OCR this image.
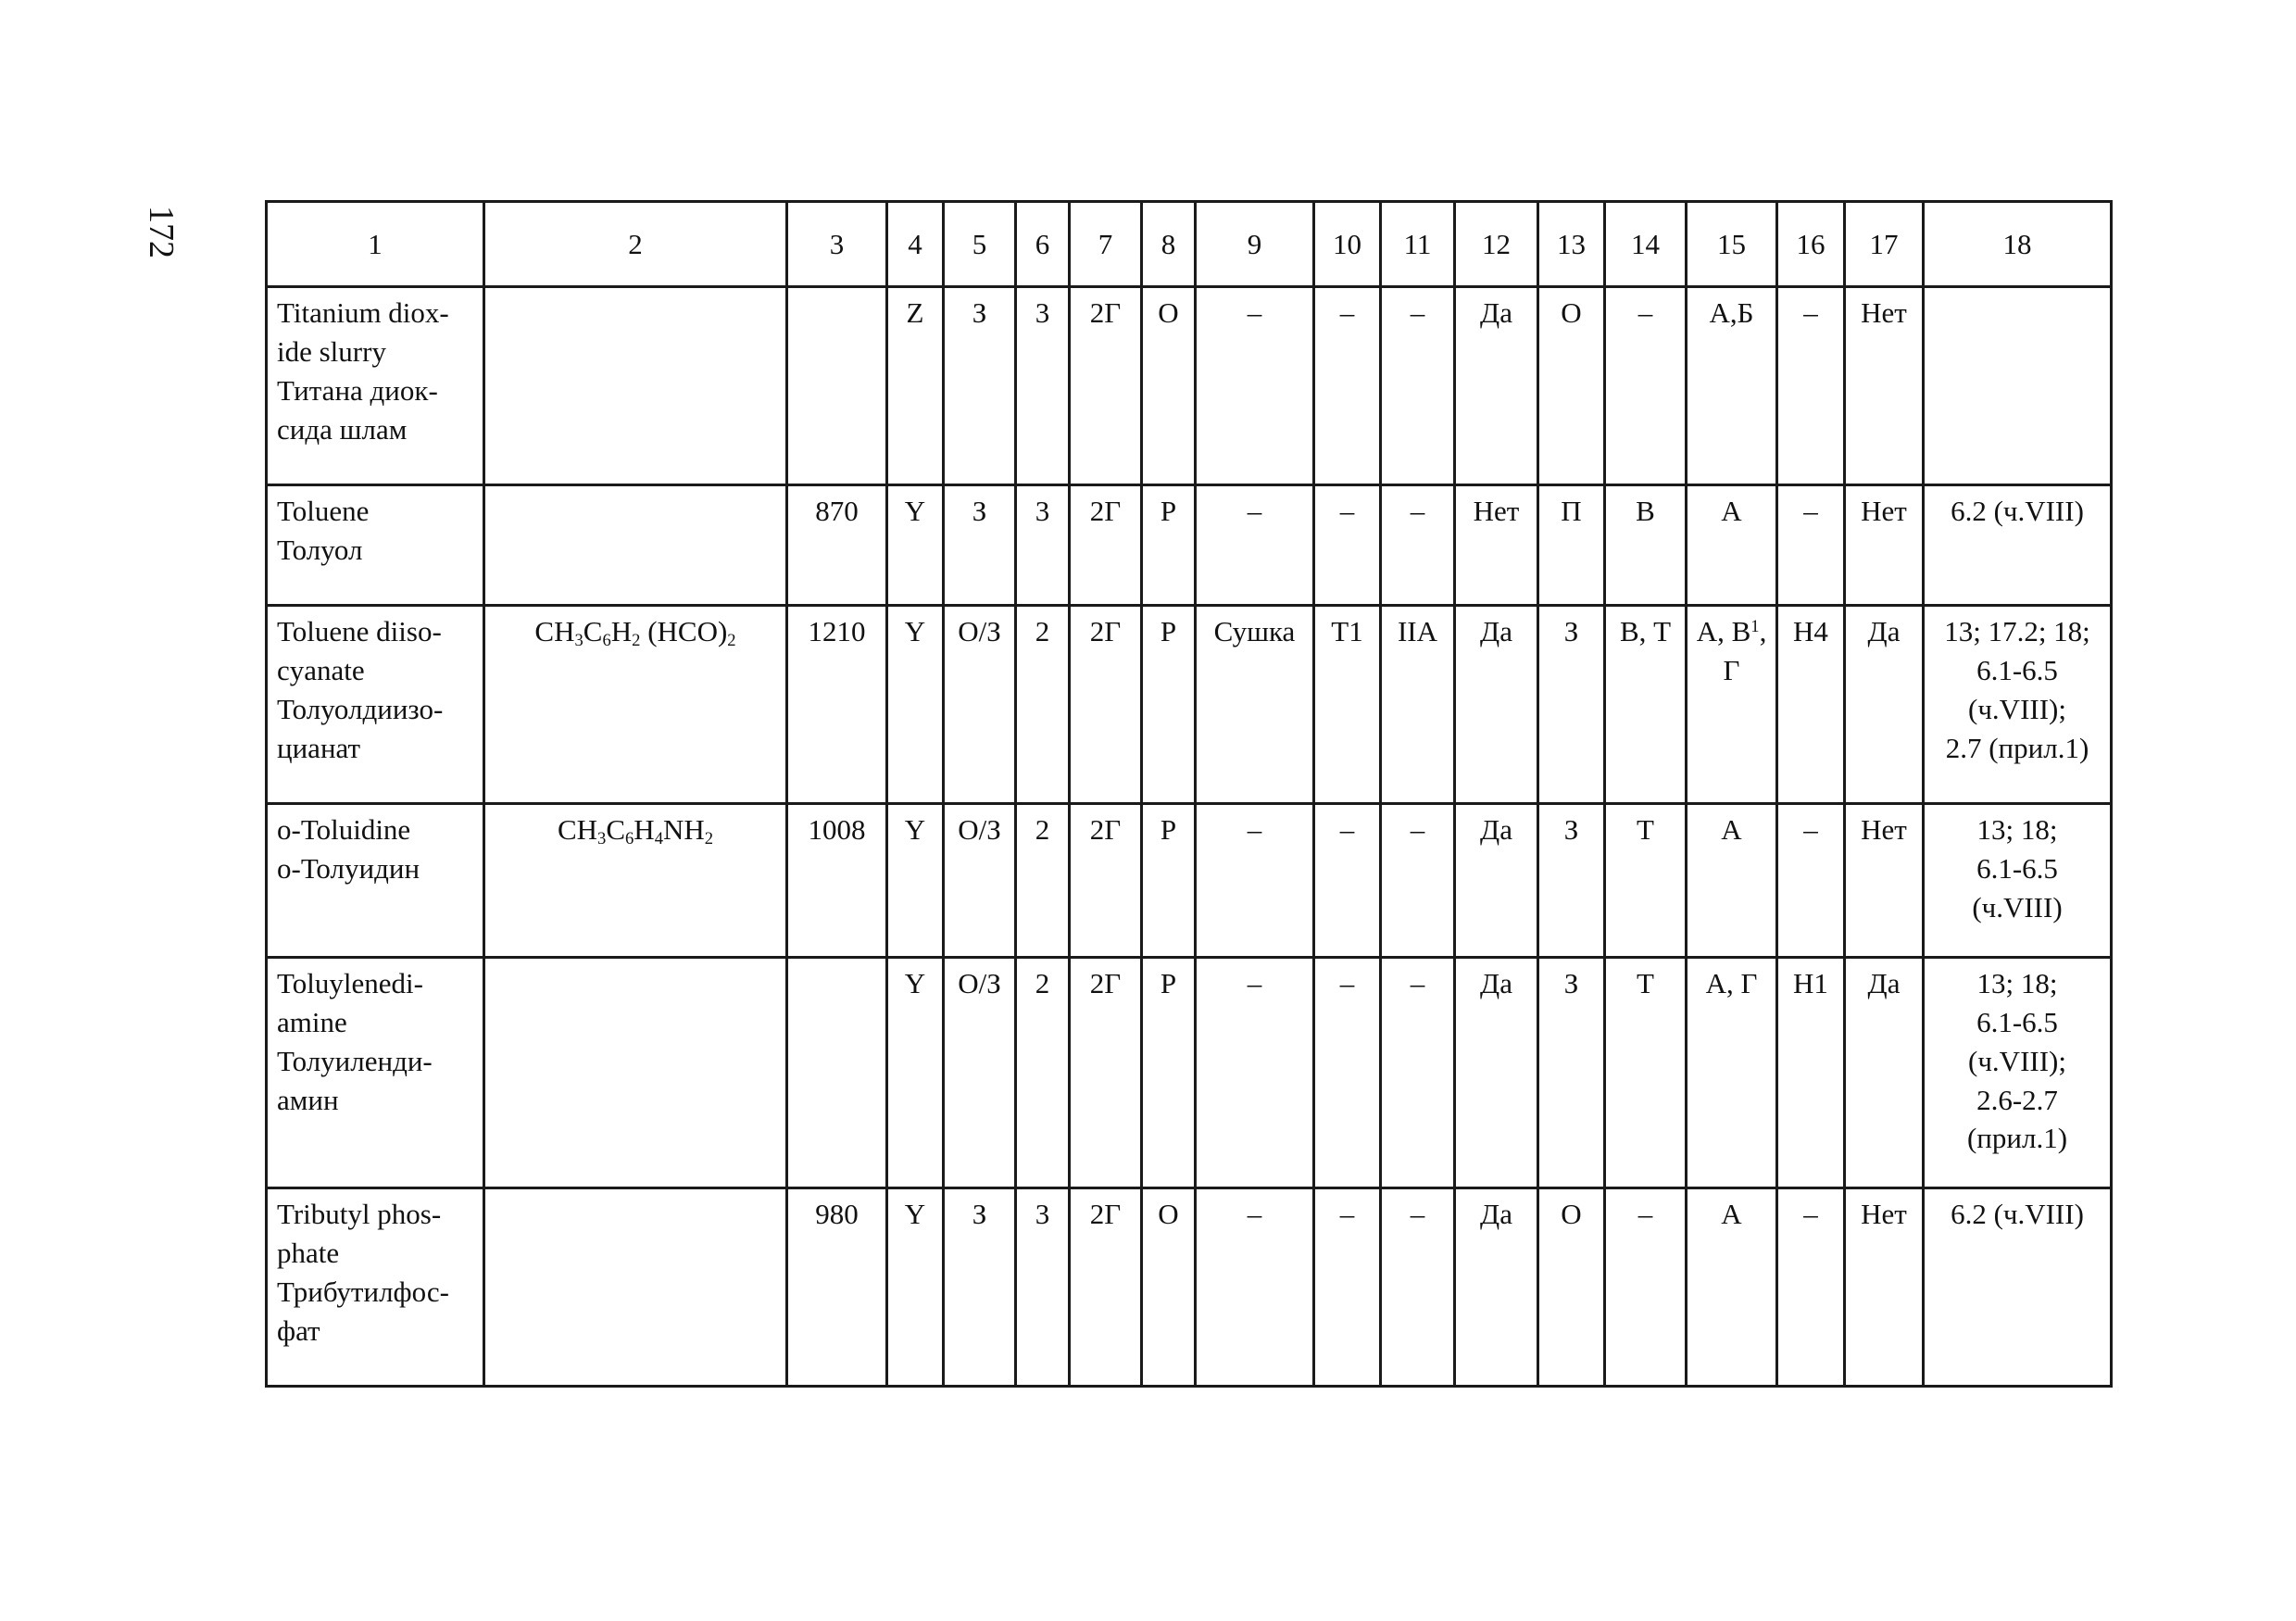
172	1	2	3	4	5	6	7	8	9	10	11	12	13	14	15	16	17	18

Titanium diox-
ide slurry
Титана диок-
сида шлам			Z	З	3	2Г	О	–	–	–	Да	О	–	А,Б	–	Нет	

Toluene
Толуол		870	Y	З	3	2Г	Р	–	–	–	Нет	П	В	А	–	Нет	6.2 (ч.VIII)

Toluene diiso-
cyanate
Толуолдиизо-
цианат	$CH_3C_6H_2$ $(HCO)_2$	1210	Y	О/З	2	2Г	Р	Сушка	Т1	IIА	Да	З	В, Т	А, $В^1$,
Г	Н4	Да	13; 17.2; 18;
6.1-6.5
(ч.VIII);
2.7 (прил.1)

о-Toluidine
о-Толуидин	$CH_3C_6H_4NH_2$	1008	Y	О/З	2	2Г	Р	–	–	–	Да	З	Т	А	–	Нет	13; 18;
6.1-6.5
(ч.VIII)

Toluylenedi-
amine
Толуиленди-
амин			Y	О/З	2	2Г	Р	–	–	–	Да	З	Т	А, Г	Н1	Да	13; 18;
6.1-6.5
(ч.VIII);
2.6-2.7
(прил.1)

Tributyl phos-
phate
Трибутилфос-
фат		980	Y	З	3	2Г	О	–	–	–	Да	О	–	А	–	Нет	6.2 (ч.VIII)
